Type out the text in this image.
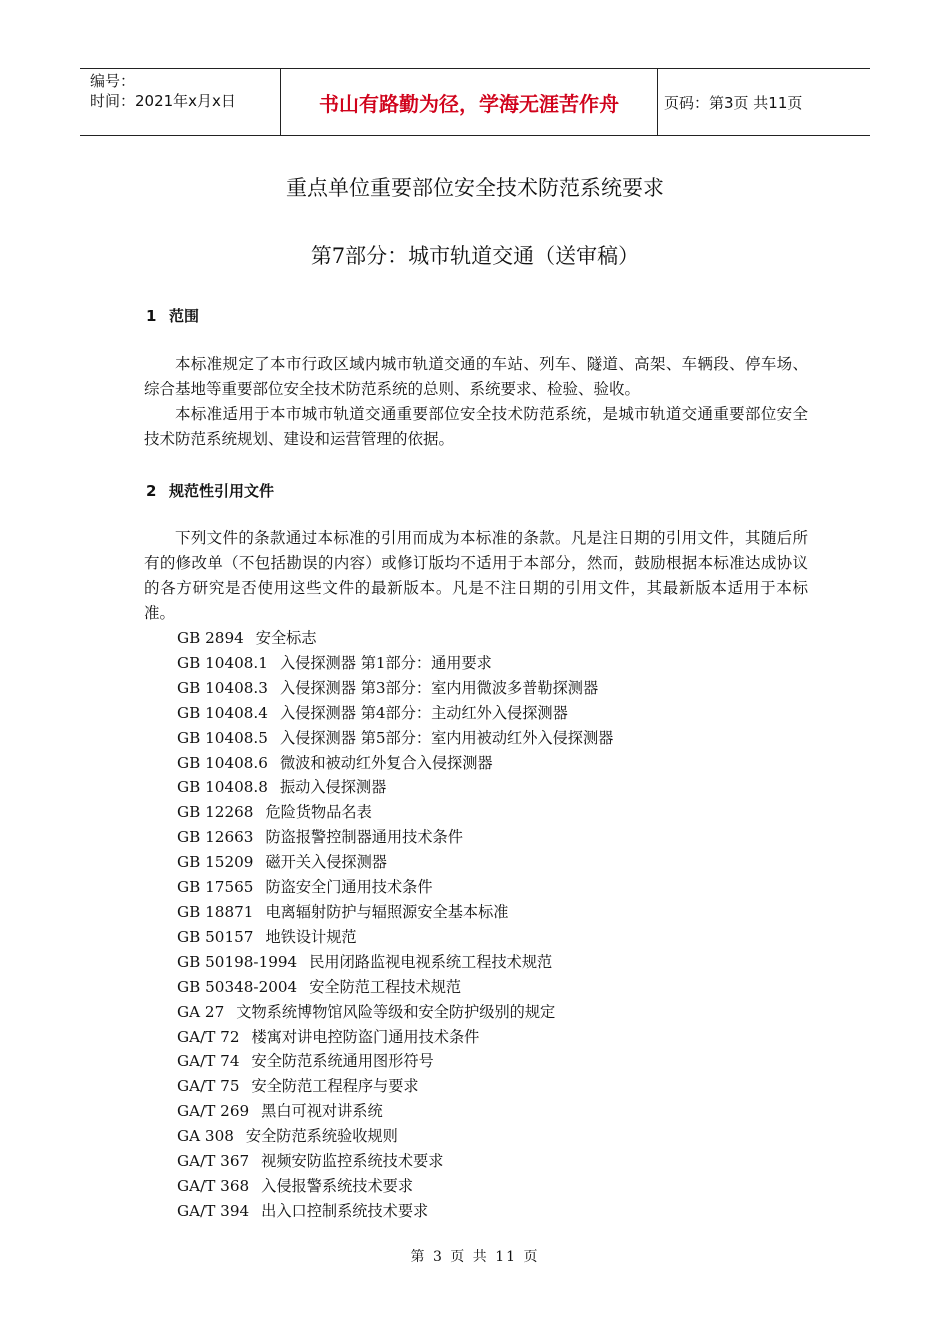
编号：
时间：2021年x月x日	书山有路勤为径，学海无涯苦作舟	页码：第3页 共11页
重点单位重要部位安全技术防范系统要求
第7部分：城市轨道交通（送审稿）
1 范围

本标准规定了本市行政区域内城市轨道交通的车站、列车、隧道、高架、车辆段、停车场、综合基地等重要部位安全技术防范系统的总则、系统要求、检验、验收。

本标准适用于本市城市轨道交通重要部位安全技术防范系统，是城市轨道交通重要部位安全技术防范系统规划、建设和运营管理的依据。

2 规范性引用文件

下列文件的条款通过本标准的引用而成为本标准的条款。凡是注日期的引用文件，其随后所有的修改单（不包括勘误的内容）或修订版均不适用于本部分，然而，鼓励根据本标准达成协议的各方研究是否使用这些文件的最新版本。凡是不注日期的引用文件，其最新版本适用于本标准。

GB 2894 安全标志
GB 10408.1 入侵探测器 第1部分：通用要求
GB 10408.3 入侵探测器 第3部分：室内用微波多普勒探测器
GB 10408.4 入侵探测器 第4部分：主动红外入侵探测器
GB 10408.5 入侵探测器 第5部分：室内用被动红外入侵探测器
GB 10408.6 微波和被动红外复合入侵探测器
GB 10408.8 振动入侵探测器
GB 12268 危险货物品名表
GB 12663 防盗报警控制器通用技术条件
GB 15209 磁开关入侵探测器
GB 17565 防盗安全门通用技术条件
GB 18871 电离辐射防护与辐照源安全基本标准
GB 50157 地铁设计规范
GB 50198-1994 民用闭路监视电视系统工程技术规范
GB 50348-2004 安全防范工程技术规范
GA 27 文物系统博物馆风险等级和安全防护级别的规定
GA/T 72 楼寓对讲电控防盗门通用技术条件
GA/T 74 安全防范系统通用图形符号
GA/T 75 安全防范工程程序与要求
GA/T 269 黑白可视对讲系统
GA 308 安全防范系统验收规则
GA/T 367 视频安防监控系统技术要求
GA/T 368 入侵报警系统技术要求
GA/T 394 出入口控制系统技术要求
第 3 页 共 11 页
